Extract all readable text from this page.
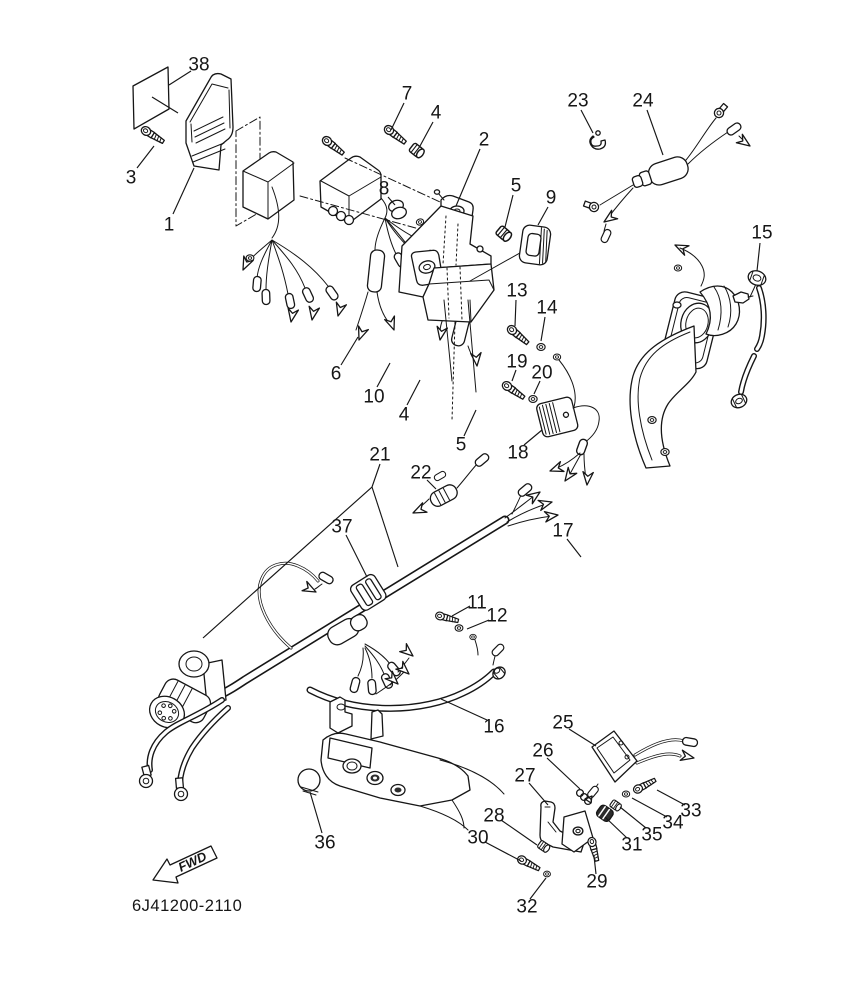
FWD
6J41200-2110
38
3
1
7
4
2
8	5
9
23 24
15
13
14
6
10
4
5
19
20
18
21
22
37	17
11
12
16	25
26
27
28
30
32
29
31
35
34
33
36
